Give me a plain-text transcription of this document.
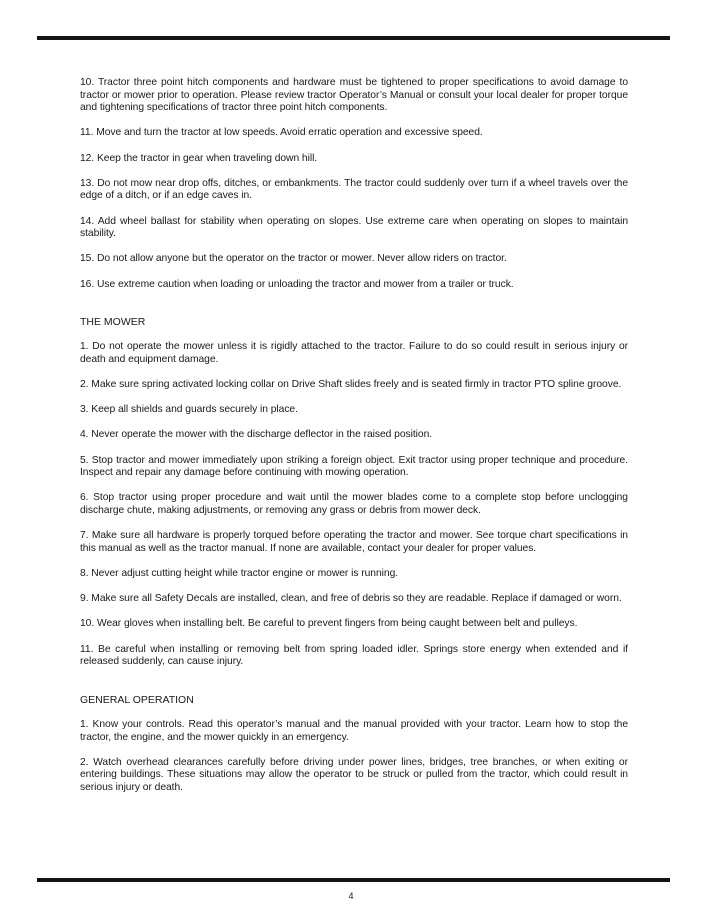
10. Tractor three point hitch components and hardware must be tightened to proper specifications to avoid damage to tractor or mower prior to operation. Please review tractor Operator’s Manual or consult your local dealer for proper torque and tightening specifications of tractor three point hitch components.

11. Move and turn the tractor at low speeds. Avoid erratic operation and excessive speed.

12. Keep the tractor in gear when traveling down hill.

13. Do not mow near drop offs, ditches, or embankments. The tractor could suddenly over turn if a wheel travels over the edge of a ditch, or if an edge caves in.

14. Add wheel ballast for stability when operating on slopes. Use extreme care when operating on slopes to maintain stability.

15. Do not allow anyone but the operator on the tractor or mower. Never allow riders on tractor.

16. Use extreme caution when loading or unloading the tractor and mower from a trailer or truck.

THE MOWER

1. Do not operate the mower unless it is rigidly attached to the tractor. Failure to do so could result in serious injury or death and equipment damage.

2. Make sure spring activated locking collar on Drive Shaft slides freely and is seated firmly in tractor PTO spline groove.

3. Keep all shields and guards securely in place.

4. Never operate the mower with the discharge deflector in the raised position.

5. Stop tractor and mower immediately upon striking a foreign object. Exit tractor using proper technique and procedure. Inspect and repair any damage before continuing with mowing operation.

6. Stop tractor using proper procedure and wait until the mower blades come to a complete stop before unclogging discharge chute, making adjustments, or removing any grass or debris from mower deck.

7. Make sure all hardware is properly torqued before operating the tractor and mower. See torque chart specifications in this manual as well as the tractor manual. If none are available, contact your dealer for proper values.

8. Never adjust cutting height while tractor engine or mower is running.

9. Make sure all Safety Decals are installed, clean, and free of debris so they are readable. Replace if damaged or worn.

10. Wear gloves when installing belt. Be careful to prevent fingers from being caught between belt and pulleys.

11. Be careful when installing or removing belt from spring loaded idler. Springs store energy when extended and if released suddenly, can cause injury.

GENERAL OPERATION

1. Know your controls. Read this operator’s manual and the manual provided with your tractor. Learn how to stop the tractor, the engine, and the mower quickly in an emergency.

2. Watch overhead clearances carefully before driving under power lines, bridges, tree branches, or when exiting or entering buildings. These situations may allow the operator to be struck or pulled from the tractor, which could result in serious injury or death.

4
